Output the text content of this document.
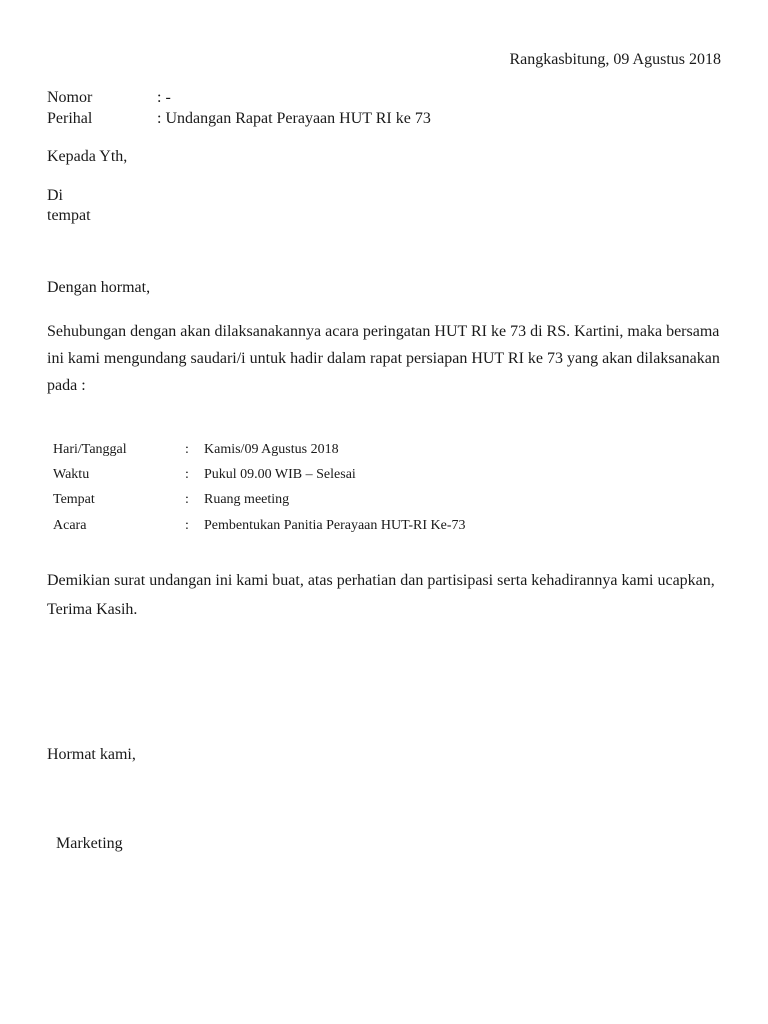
Rangkasbitung, 09 Agustus 2018
Nomor	: -
Perihal	: Undangan Rapat Perayaan HUT RI ke 73
Kepada Yth,
Di
tempat
Dengan hormat,
Sehubungan dengan akan dilaksanakannya acara peringatan HUT RI ke 73 di RS. Kartini, maka bersama ini kami mengundang saudari/i untuk hadir dalam rapat persiapan HUT RI ke 73 yang akan dilaksanakan pada :
Hari/Tanggal	: Kamis/09 Agustus 2018
Waktu	: Pukul 09.00 WIB – Selesai
Tempat	: Ruang meeting
Acara	: Pembentukan Panitia Perayaan HUT-RI Ke-73
Demikian surat undangan ini kami buat, atas perhatian dan partisipasi serta kehadirannya kami ucapkan, Terima Kasih.
Hormat kami,
Marketing
